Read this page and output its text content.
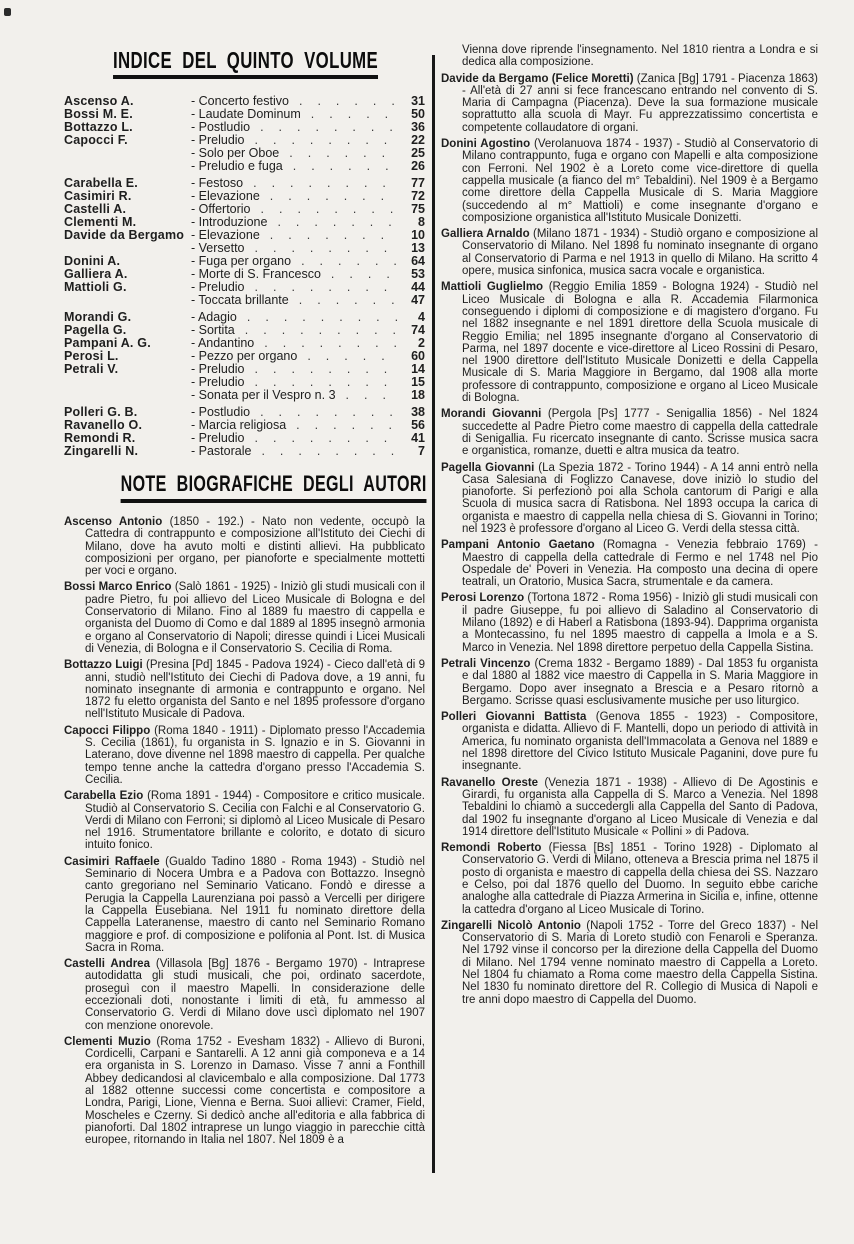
INDICE DEL QUINTO VOLUME
Ascenso A.	- Concerto festivo .....	31
Bossi M. E.	- Laudate Dominum .....	50
Bottazzo L.	- Postludio .....	36
Capocci F.	- Preludio .....	22
- Solo per Oboe .....	25
- Preludio e fuga .....	26
Carabella E.	- Festoso .....	77
Casimiri R.	- Elevazione .....	72
Castelli A.	- Offertorio .....	75
Clementi M.	- Introduzione .....	8
Davide da Bergamo - Elevazione .....	10
- Versetto .....	13
Donini A.	- Fuga per organo .....	64
Galliera A.	- Morte di S. Francesco .....	53
Mattioli G.	- Preludio .....	44
- Toccata brillante .....	47
Morandi G.	- Adagio .....	4
Pagella G.	- Sortita .....	74
Pampani A. G.	- Andantino .....	2
Perosi L.	- Pezzo per organo .....	60
Petrali V.	- Preludio .....	14
- Preludio .....	15
- Sonata per il Vespro n. 3 .....	18
Polleri G. B.	- Postludio .....	38
Ravanello O.	- Marcia religiosa .....	56
Remondi R.	- Preludio .....	41
Zingarelli N.	- Pastorale .....	7
NOTE BIOGRAFICHE DEGLI AUTORI

Ascenso Antonio (1850 - 192.) - Nato non vedente, occupò la Cattedra di contrappunto e composizione all'Istituto dei Ciechi di Milano, dove ha avuto molti e distinti allievi. Ha pubblicato composizioni per organo, per pianoforte e specialmente mottetti per voci e organo.

Bossi Marco Enrico (Salò 1861 - 1925) - Iniziò gli studi musicali con il padre Pietro, fu poi allievo del Liceo Musicale di Bologna e del Conservatorio di Milano. Fino al 1889 fu maestro di cappella e organista del Duomo di Como e dal 1889 al 1895 insegnò armonia e organo al Conservatorio di Napoli; diresse quindi i Licei Musicali di Venezia, di Bologna e il Conservatorio S. Cecilia di Roma.

Bottazzo Luigi (Presina [Pd] 1845 - Padova 1924) - Cieco dall'età di 9 anni, studiò nell'Istituto dei Ciechi di Padova dove, a 19 anni, fu nominato insegnante di armonia e contrappunto e organo. Nel 1872 fu eletto organista del Santo e nel 1895 professore d'organo nell'Istituto Musicale di Padova.

Capocci Filippo (Roma 1840 - 1911) - Diplomato presso l'Accademia S. Cecilia (1861), fu organista in S. Ignazio e in S. Giovanni in Laterano, dove divenne nel 1898 maestro di cappella. Per qualche tempo tenne anche la cattedra d'organo presso l'Accademia S. Cecilia.

Carabella Ezio (Roma 1891 - 1944) - Compositore e critico musicale. Studiò al Conservatorio S. Cecilia con Falchi e al Conservatorio G. Verdi di Milano con Ferroni; si diplomò al Liceo Musicale di Pesaro nel 1916. Strumentatore brillante e colorito, e dotato di sicuro intuito fonico.

Casimiri Raffaele (Gualdo Tadino 1880 - Roma 1943) - Studiò nel Seminario di Nocera Umbra e a Padova con Bottazzo. Insegnò canto gregoriano nel Seminario Vaticano. Fondò e diresse a Perugia la Cappella Laurenziana poi passò a Vercelli per dirigere la Cappella Eusebiana. Nel 1911 fu nominato direttore della Cappella Lateranense, maestro di canto nel Seminario Romano maggiore e prof. di composizione e polifonia al Pont. Ist. di Musica Sacra in Roma.

Castelli Andrea (Villasola [Bg] 1876 - Bergamo 1970) - Intraprese autodidatta gli studi musicali, che poi, ordinato sacerdote, proseguì con il maestro Mapelli. In considerazione delle eccezionali doti, nonostante i limiti di età, fu ammesso al Conservatorio G. Verdi di Milano dove uscì diplomato nel 1907 con menzione onorevole.

Clementi Muzio (Roma 1752 - Evesham 1832) - Allievo di Buroni, Cordicelli, Carpani e Santarelli. A 12 anni già componeva e a 14 era organista in S. Lorenzo in Damaso. Visse 7 anni a Fonthill Abbey dedicandosi al clavicembalo e alla composizione. Dal 1773 al 1882 ottenne successi come concertista e compositore a Londra, Parigi, Lione, Vienna e Berna. Suoi allievi: Cramer, Field, Moscheles e Czerny. Si dedicò anche all'editoria e alla fabbrica di pianoforti. Dal 1802 intraprese un lungo viaggio in parecchie città europee, ritornando in Italia nel 1807. Nel 1809 è a

Vienna dove riprende l'insegnamento. Nel 1810 rientra a Londra e si dedica alla composizione.

Davide da Bergamo (Felice Moretti) (Zanica [Bg] 1791 - Piacenza 1863) - All'età di 27 anni si fece francescano entrando nel convento di S. Maria di Campagna (Piacenza). Deve la sua formazione musicale soprattutto alla scuola di Mayr. Fu apprezzatissimo concertista e competente collaudatore di organi.

Donini Agostino (Verolanuova 1874 - 1937) - Studiò al Conservatorio di Milano contrappunto, fuga e organo con Mapelli e alta composizione con Ferroni. Nel 1902 è a Loreto come vice-direttore di quella cappella musicale (a fianco del m° Tebaldini). Nel 1909 è a Bergamo come direttore della Cappella Musicale di S. Maria Maggiore (succedendo al m° Mattioli) e come insegnante d'organo e composizione organistica all'Istituto Musicale Donizetti.

Galliera Arnaldo (Milano 1871 - 1934) - Studiò organo e composizione al Conservatorio di Milano. Nel 1898 fu nominato insegnante di organo al Conservatorio di Parma e nel 1913 in quello di Milano. Ha scritto 4 opere, musica sinfonica, musica sacra vocale e organistica.

Mattioli Guglielmo (Reggio Emilia 1859 - Bologna 1924) - Studiò nel Liceo Musicale di Bologna e alla R. Accademia Filarmonica conseguendo i diplomi di composizione e di magistero d'organo. Fu nel 1882 insegnante e nel 1891 direttore della Scuola musicale di Reggio Emilia; nel 1895 insegnante d'organo al Conservatorio di Parma, nel 1897 docente e vice-direttore al Liceo Rossini di Pesaro, nel 1900 direttore dell'Istituto Musicale Donizetti e della Cappella Musicale di S. Maria Maggiore in Bergamo, dal 1908 alla morte professore di contrappunto, composizione e organo al Liceo Musicale di Bologna.

Morandi Giovanni (Pergola [Ps] 1777 - Senigallia 1856) - Nel 1824 succedette al Padre Pietro come maestro di cappella della cattedrale di Senigallia. Fu ricercato insegnante di canto. Scrisse musica sacra e organistica, romanze, duetti e altra musica da teatro.

Pagella Giovanni (La Spezia 1872 - Torino 1944) - A 14 anni entrò nella Casa Salesiana di Foglizzo Canavese, dove iniziò lo studio del pianoforte. Si perfezionò poi alla Schola cantorum di Parigi e alla Scuola di musica sacra di Ratisbona. Nel 1893 occupa la carica di organista e maestro di cappella nella chiesa di S. Giovanni in Torino; nel 1923 è professore d'organo al Liceo G. Verdi della stessa città.

Pampani Antonio Gaetano (Romagna - Venezia febbraio 1769) - Maestro di cappella della cattedrale di Fermo e nel 1748 nel Pio Ospedale de' Poveri in Venezia. Ha composto una decina di opere teatrali, un Oratorio, Musica Sacra, strumentale e da camera.

Perosi Lorenzo (Tortona 1872 - Roma 1956) - Iniziò gli studi musicali con il padre Giuseppe, fu poi allievo di Saladino al Conservatorio di Milano (1892) e di Haberl a Ratisbona (1893-94). Dapprima organista a Montecassino, fu nel 1895 maestro di cappella a Imola e a S. Marco in Venezia. Nel 1898 direttore perpetuo della Cappella Sistina.

Petrali Vincenzo (Crema 1832 - Bergamo 1889) - Dal 1853 fu organista e dal 1880 al 1882 vice maestro di Cappella in S. Maria Maggiore in Bergamo. Dopo aver insegnato a Brescia e a Pesaro ritornò a Bergamo. Scrisse quasi esclusivamente musiche per uso liturgico.

Polleri Giovanni Battista (Genova 1855 - 1923) - Compositore, organista e didatta. Allievo di F. Mantelli, dopo un periodo di attività in America, fu nominato organista dell'Immacolata a Genova nel 1889 e nel 1898 direttore del Civico Istituto Musicale Paganini, dove pure fu insegnante.

Ravanello Oreste (Venezia 1871 - 1938) - Allievo di De Agostinis e Girardi, fu organista alla Cappella di S. Marco a Venezia. Nel 1898 Tebaldini lo chiamò a succedergli alla Cappella del Santo di Padova, dal 1902 fu insegnante d'organo al Liceo Musicale di Venezia e dal 1914 direttore dell'Istituto Musicale « Pollini » di Padova.

Remondi Roberto (Fiessa [Bs] 1851 - Torino 1928) - Diplomato al Conservatorio G. Verdi di Milano, otteneva a Brescia prima nel 1875 il posto di organista e maestro di cappella della chiesa dei SS. Nazzaro e Celso, poi dal 1876 quello del Duomo. In seguito ebbe cariche analoghe alla cattedrale di Piazza Armerina in Sicilia e, infine, ottenne la cattedra d'organo al Liceo Musicale di Torino.

Zingarelli Nicolò Antonio (Napoli 1752 - Torre del Greco 1837) - Nel Conservatorio di S. Maria di Loreto studiò con Fenaroli e Speranza. Nel 1792 vinse il concorso per la direzione della Cappella del Duomo di Milano. Nel 1794 venne nominato maestro di Cappella a Loreto. Nel 1804 fu chiamato a Roma come maestro della Cappella Sistina. Nel 1830 fu nominato direttore del R. Collegio di Musica di Napoli e tre anni dopo maestro di Cappella del Duomo.
